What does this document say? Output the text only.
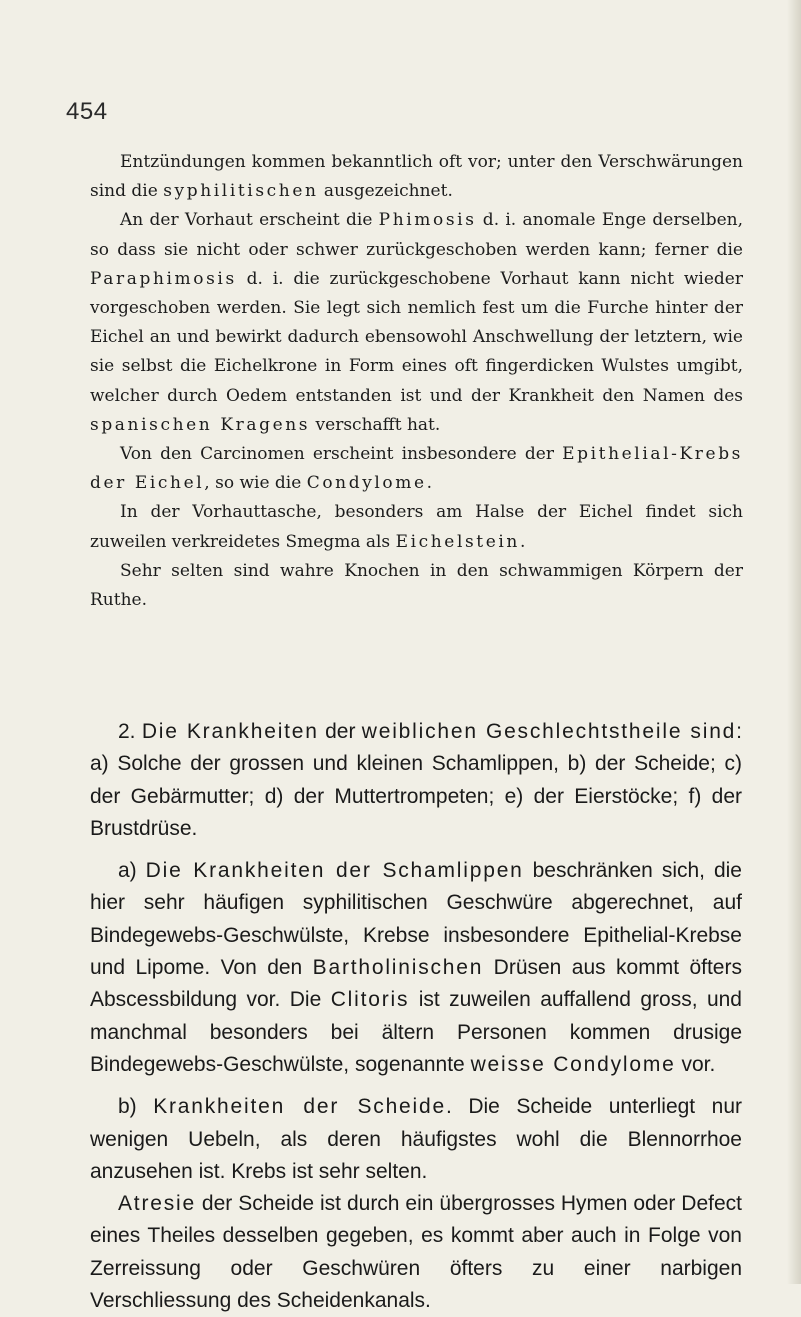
454

Entzündungen kommen bekanntlich oft vor; unter den Verschwärungen sind die syphilitischen ausgezeichnet.

An der Vorhaut erscheint die Phimosis d. i. anomale Enge derselben, so dass sie nicht oder schwer zurückgeschoben werden kann; ferner die Paraphimosis d. i. die zurückgeschobene Vorhaut kann nicht wieder vorgeschoben werden. Sie legt sich nemlich fest um die Furche hinter der Eichel an und bewirkt dadurch ebensowohl Anschwellung der letztern, wie sie selbst die Eichelkrone in Form eines oft fingerdicken Wulstes umgibt, welcher durch Oedem entstanden ist und der Krankheit den Namen des spanischen Kragens verschafft hat.

Von den Carcinomen erscheint insbesondere der Epithelial-Krebs der Eichel, so wie die Condylome.

In der Vorhauttasche, besonders am Halse der Eichel findet sich zuweilen verkreidetes Smegma als Eichelstein.

Sehr selten sind wahre Knochen in den schwammigen Körpern der Ruthe.

2. Die Krankheiten der weiblichen Geschlechtstheile sind: a) Solche der grossen und kleinen Schamlippen, b) der Scheide; c) der Gebärmutter; d) der Muttertrompeten; e) der Eierstöcke; f) der Brustdrüse.

a) Die Krankheiten der Schamlippen beschränken sich, die hier sehr häufigen syphilitischen Geschwüre abgerechnet, auf Bindegewebs-Geschwülste, Krebse insbesondere Epithelial-Krebse und Lipome. Von den Bartholinischen Drüsen aus kommt öfters Abscessbildung vor. Die Clitoris ist zuweilen auffallend gross, und manchmal besonders bei ältern Personen kommen drusige Bindegewebs-Geschwülste, sogenannte weisse Condylome vor.

b) Krankheiten der Scheide. Die Scheide unterliegt nur wenigen Uebeln, als deren häufigstes wohl die Blennorrhoe anzusehen ist. Krebs ist sehr selten.

Atresie der Scheide ist durch ein übergrosses Hymen oder Defect eines Theiles desselben gegeben, es kommt aber auch in Folge von Zerreissung oder Geschwüren öfters zu einer narbigen Verschliessung des Scheidenkanals.
